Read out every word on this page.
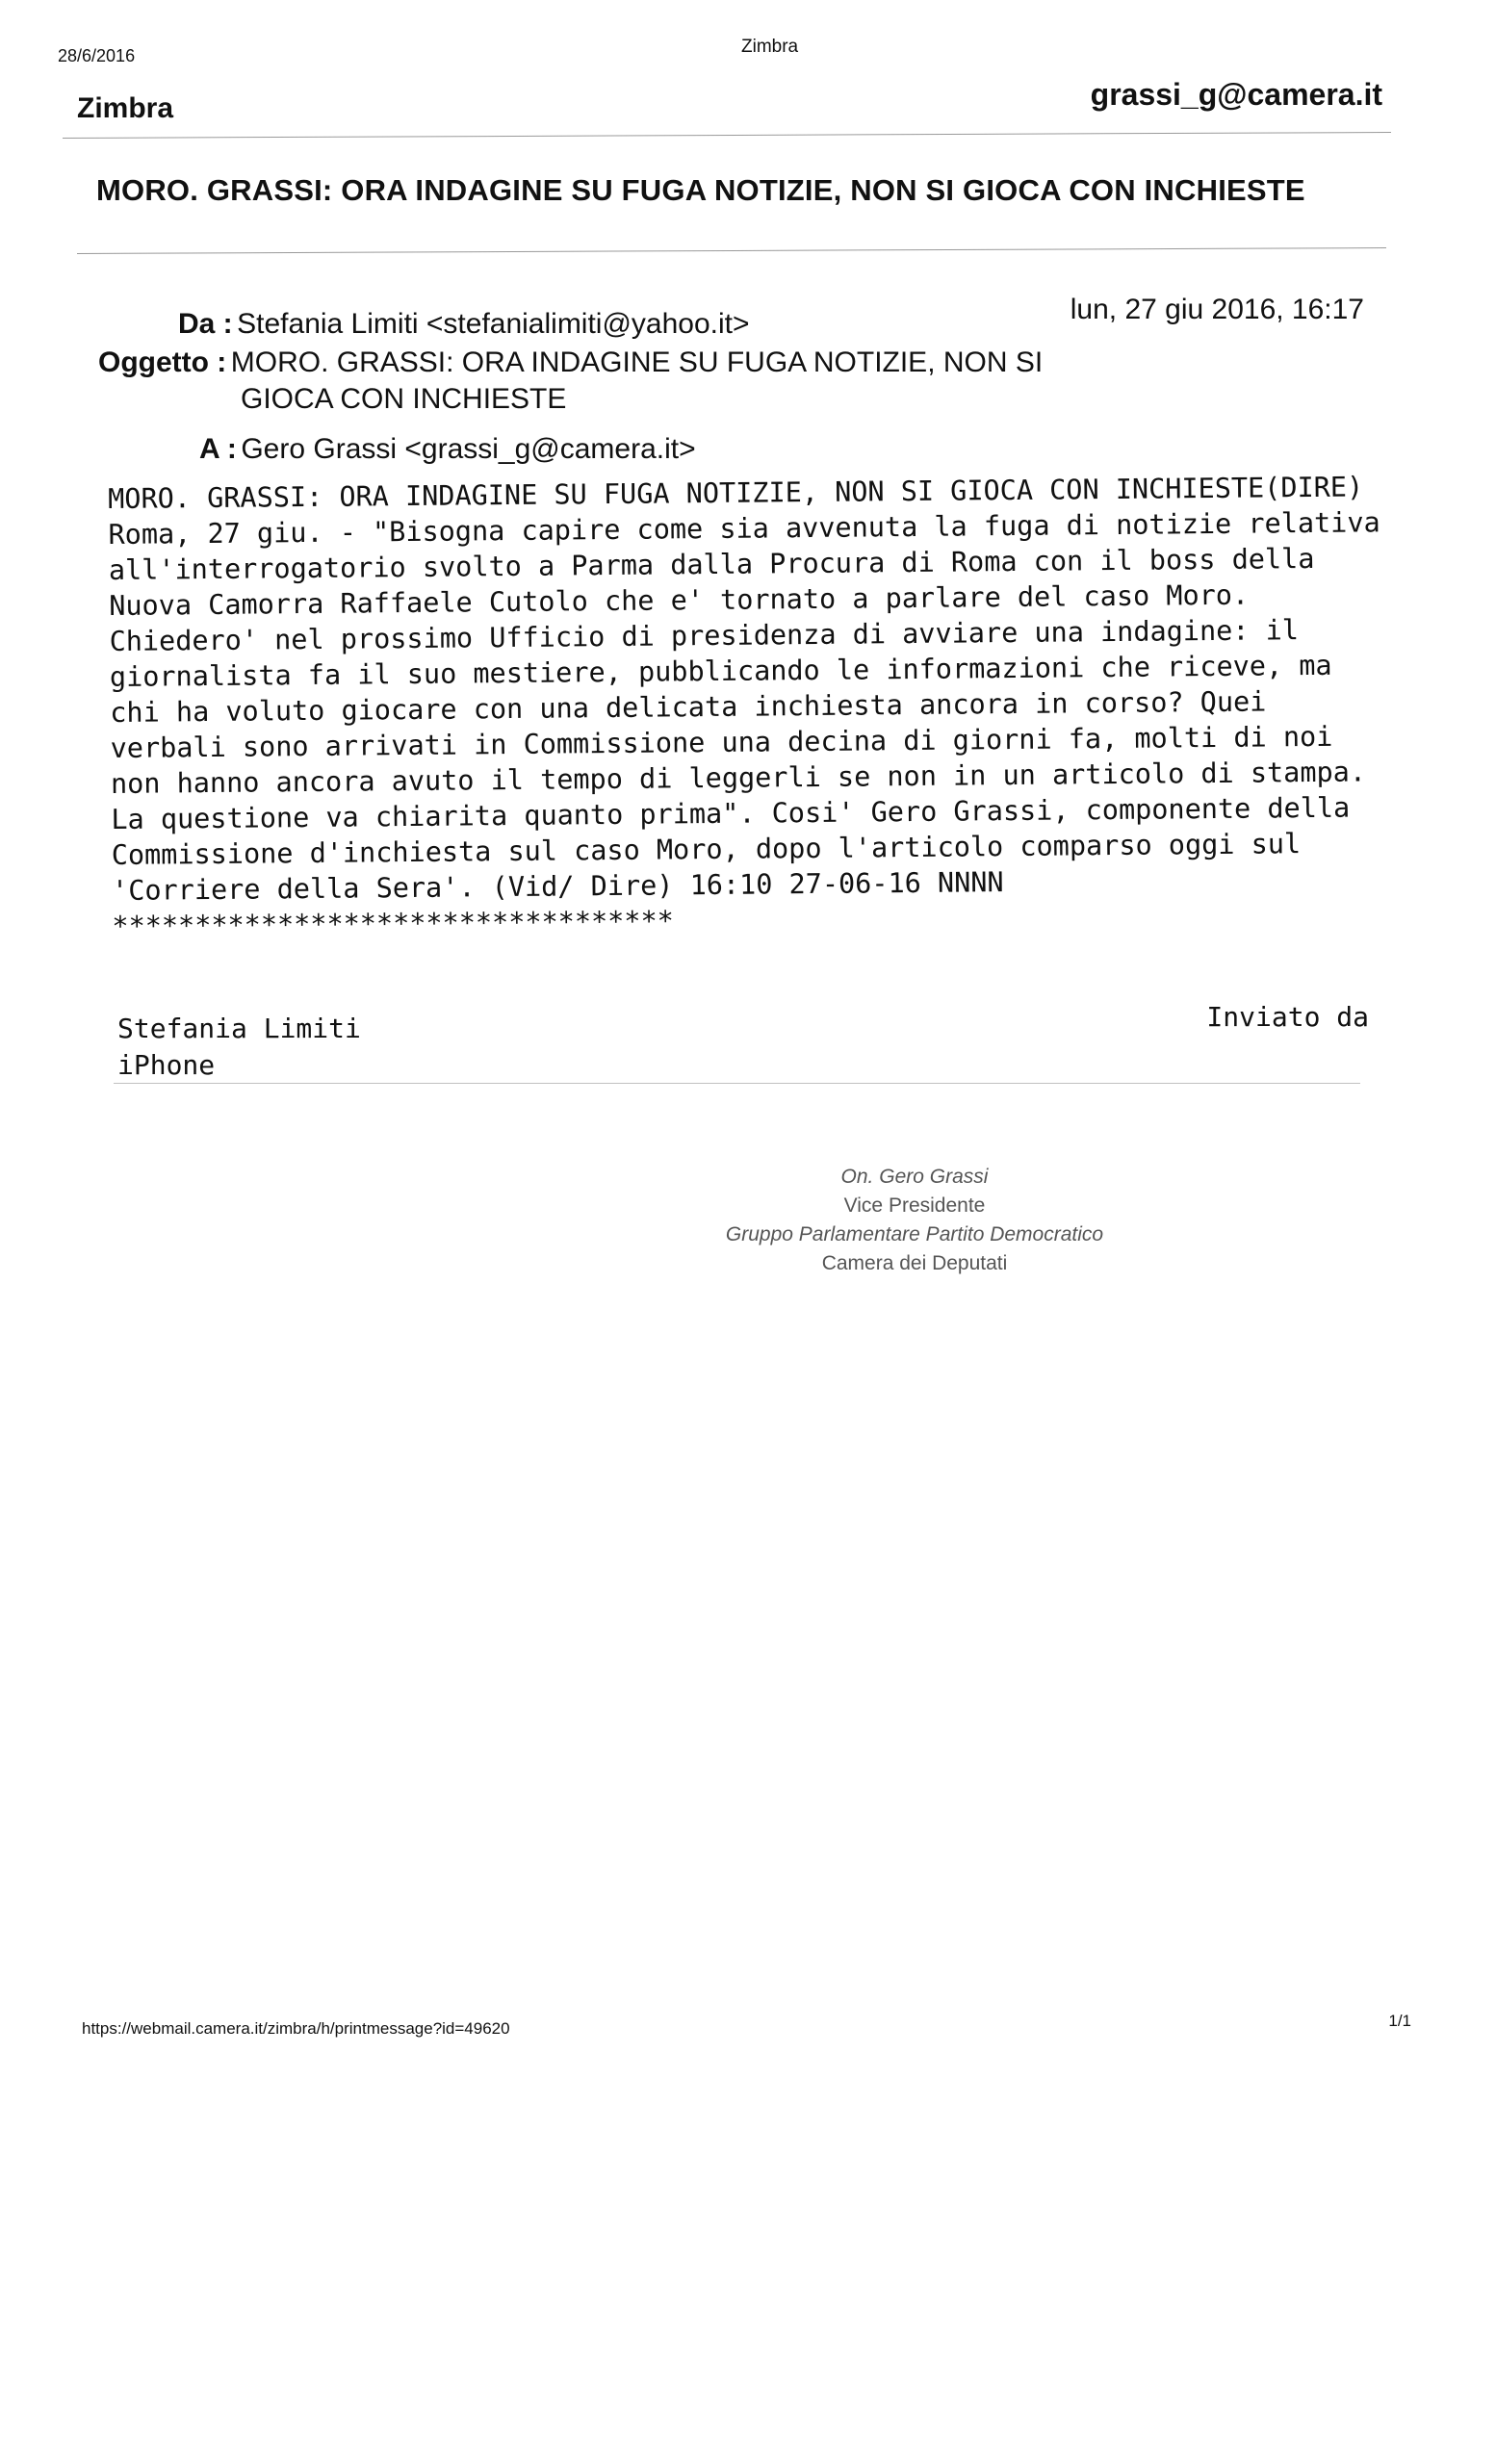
28/6/2016	Zimbra
Zimbra	grassi_g@camera.it
MORO. GRASSI: ORA INDAGINE SU FUGA NOTIZIE, NON SI GIOCA CON INCHIESTE
Da : Stefania Limiti <stefanialimiti@yahoo.it>	lun, 27 giu 2016, 16:17
Oggetto : MORO. GRASSI: ORA INDAGINE SU FUGA NOTIZIE, NON SI
GIOCA CON INCHIESTE
A : Gero Grassi <grassi_g@camera.it>
MORO. GRASSI: ORA INDAGINE SU FUGA NOTIZIE, NON SI GIOCA CON INCHIESTE(DIRE)
Roma, 27 giu. - "Bisogna capire come sia avvenuta la fuga di notizie relativa
all'interrogatorio svolto a Parma dalla Procura di Roma con il boss della
Nuova Camorra Raffaele Cutolo che e' tornato a parlare del caso Moro.
Chiedero' nel prossimo Ufficio di presidenza di avviare una indagine: il
giornalista fa il suo mestiere, pubblicando le informazioni che riceve, ma
chi ha voluto giocare con una delicata inchiesta ancora in corso? Quei
verbali sono arrivati in Commissione una decina di giorni fa, molti di noi
non hanno ancora avuto il tempo di leggerli se non in un articolo di stampa.
La questione va chiarita quanto prima". Cosi' Gero Grassi, componente della
Commissione d'inchiesta sul caso Moro, dopo l'articolo comparso oggi sul
'Corriere della Sera'. (Vid/ Dire) 16:10 27-06-16 NNNN
**********************************
Stefania Limiti
iPhone
Inviato da
On. Gero Grassi
Vice Presidente
Gruppo Parlamentare Partito Democratico
Camera dei Deputati
https://webmail.camera.it/zimbra/h/printmessage?id=49620	1/1
